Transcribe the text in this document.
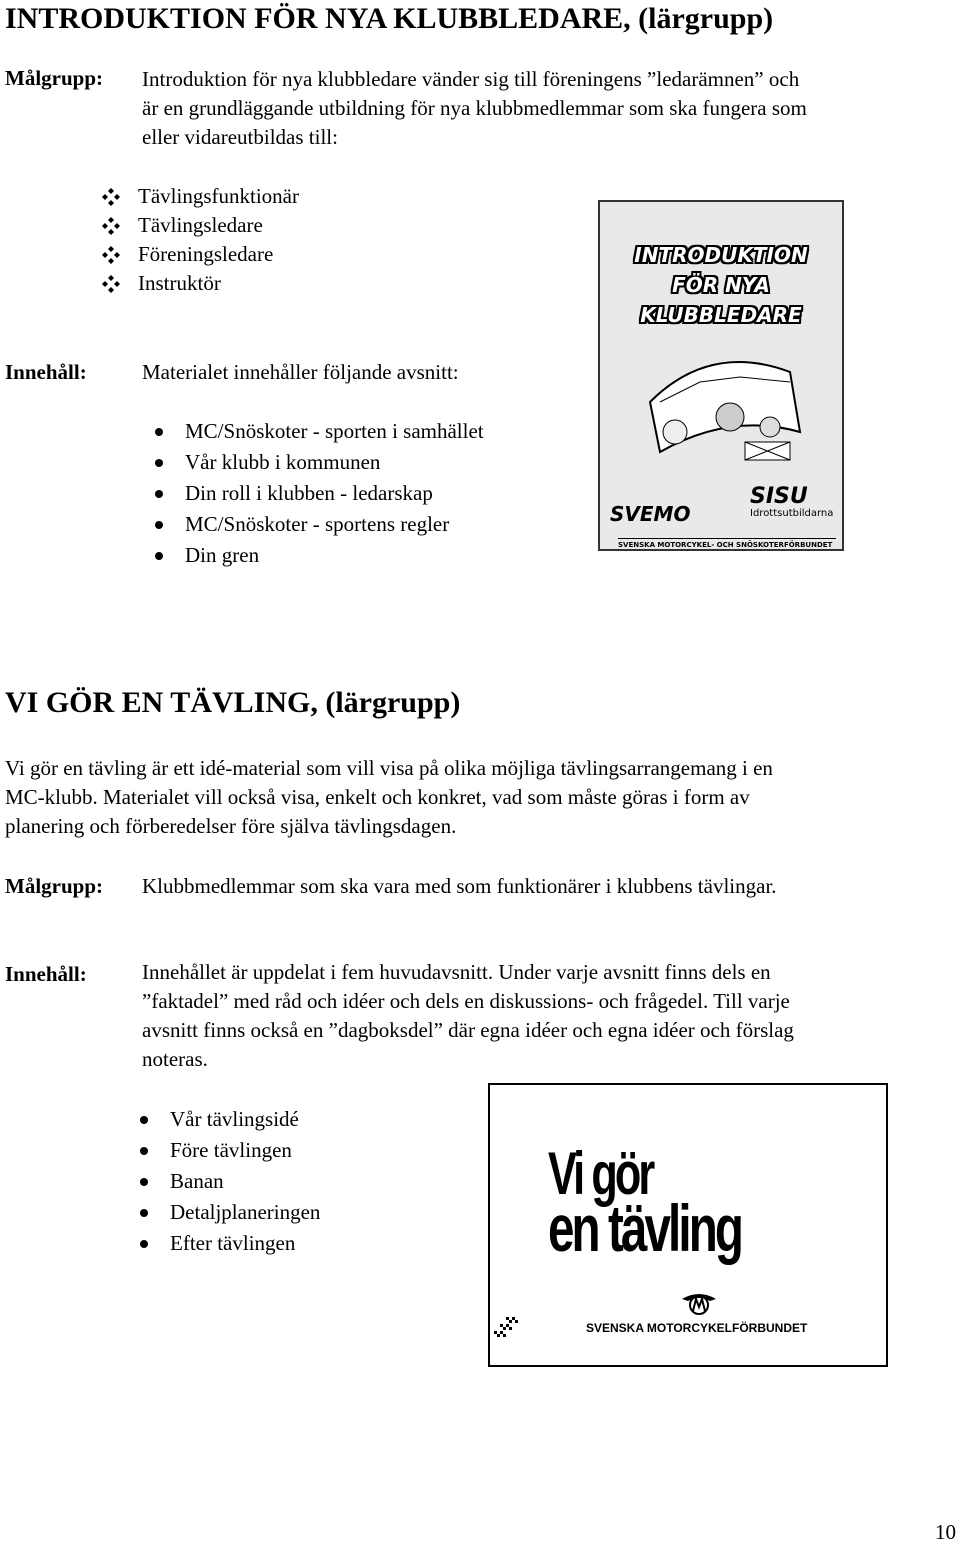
INTRODUKTION FÖR NYA KLUBBLEDARE, (lärgrupp)
Målgrupp: Introduktion för nya klubbledare vänder sig till föreningens ”ledarämnen” och
är en grundläggande utbildning för nya klubbmedlemmar som ska fungera som
eller vidareutbildas till:
Tävlingsfunktionär
Tävlingsledare
Föreningsledare
Instruktör
Innehåll:	Materialet innehåller följande avsnitt:
MC/Snöskoter - sporten i samhället
Vår klubb i kommunen
Din roll i klubben - ledarskap
MC/Snöskoter - sportens regler
Din gren
INTRODUKTION
FÖR NYA
KLUBBLEDARE
SVEMO
SISU
Idrottsutbildarna
SVENSKA MOTORCYKEL- OCH SNÖSKOTERFÖRBUNDET
VI GÖR EN TÄVLING, (lärgrupp)
Vi gör en tävling är ett idé-material som vill visa på olika möjliga tävlingsarrangemang i en
MC-klubb. Materialet vill också visa, enkelt och konkret, vad som måste göras i form av
planering och förberedelser före själva tävlingsdagen.
Målgrupp: Klubbmedlemmar som ska vara med som funktionärer i klubbens tävlingar.
Innehåll:	Innehållet är uppdelat i fem huvudavsnitt. Under varje avsnitt finns dels en
”faktadel” med råd och idéer och dels en diskussions- och frågedel. Till varje
avsnitt finns också en ”dagboksdel” där egna idéer och egna idéer och förslag
noteras.
Vår tävlingsidé
Före tävlingen
Banan
Detaljplaneringen
Efter tävlingen
Vi gör
en tävling
SVENSKA MOTORCYKELFÖRBUNDET
10
